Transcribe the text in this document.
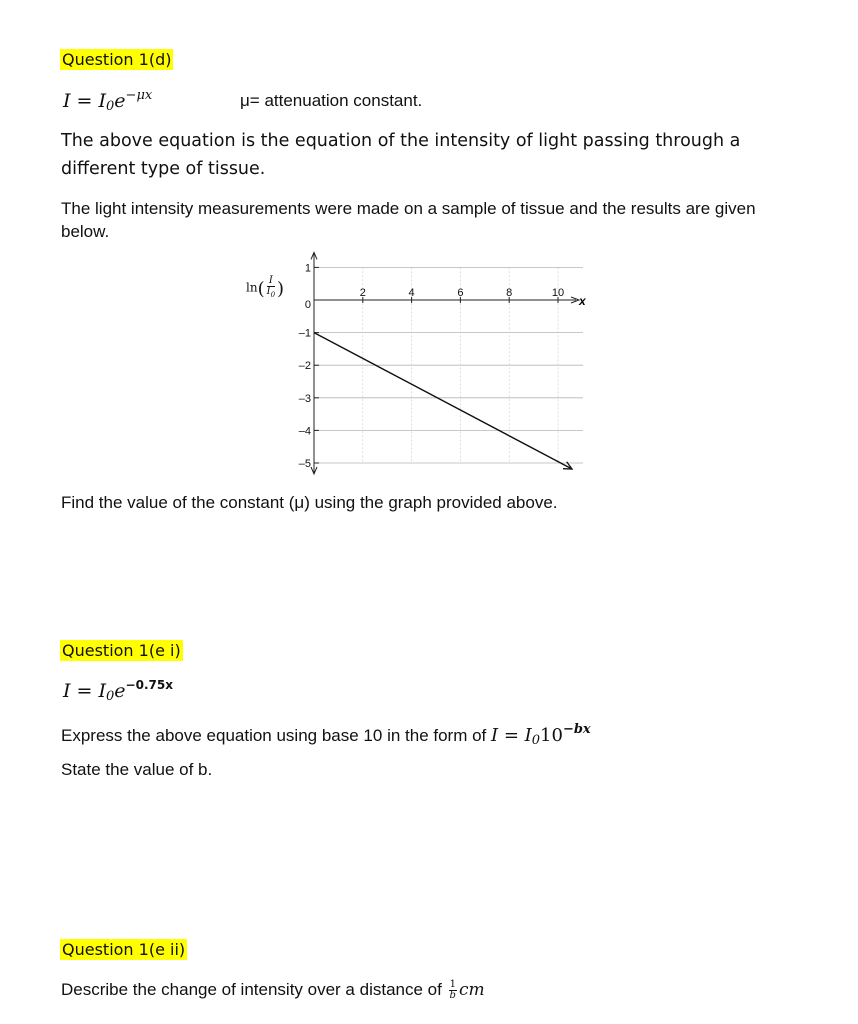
Question 1(d)
$I = I_0e^{-\mu x}$	μ= attenuation constant.
The above equation is the equation of the intensity of light passing through a different type of tissue.
The light intensity measurements were made on a sample of tissue and the results are given below.
2	4	6	8	10
1
0
–1
–2
–3
–4
–5
x
$\ln( \frac{I}{I_0}$ )
Find the value of the constant (μ) using the graph provided above.
Question 1(e i)
$I = I_0e^{-0.75x}$
Express the above equation using base 10 in the form of $I = I_010^{-bx}$
State the value of b.
Question 1(e ii)
Describe the change of intensity over a distance of $\frac{1}{b}$ cm
